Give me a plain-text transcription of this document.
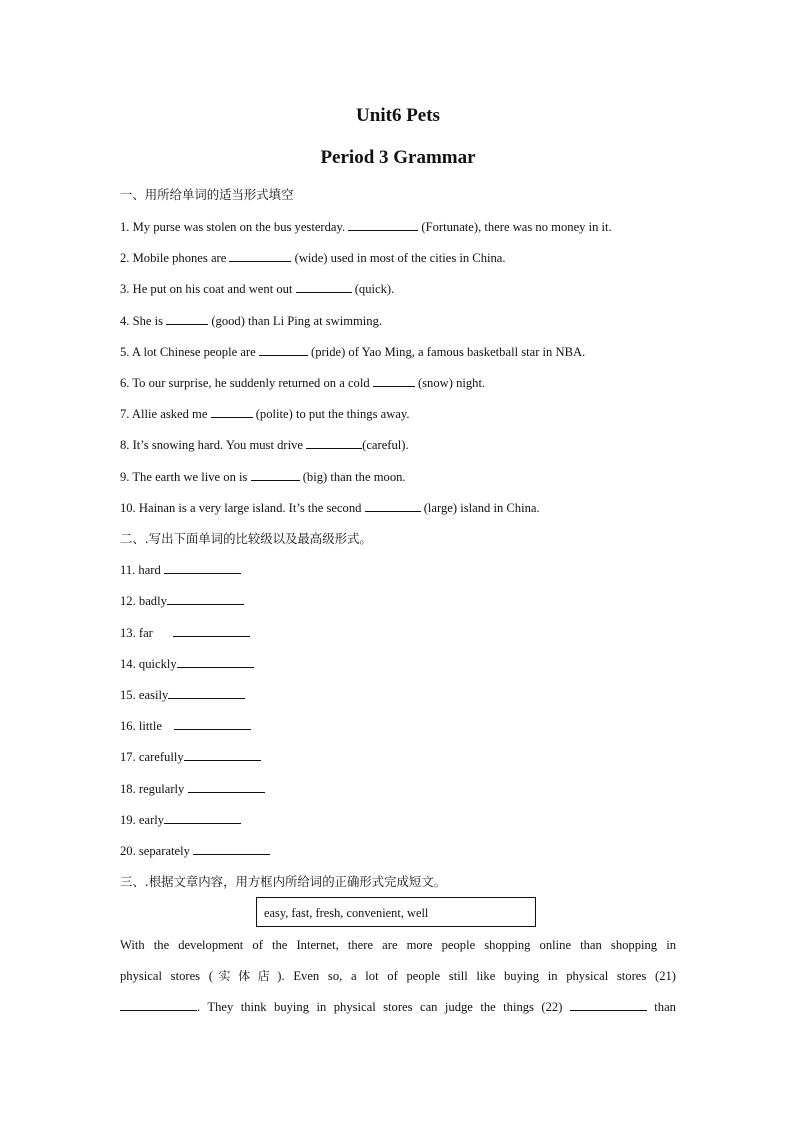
Unit6 Pets
Period 3 Grammar
一、用所给单词的适当形式填空
1. My purse was stolen on the bus yesterday.	(Fortunate), there was no money in it.
2. Mobile phones are	(wide) used in most of the cities in China.
3. He put on his coat and went out	(quick).
4. She is	(good) than Li Ping at swimming.
5. A lot Chinese people are	(pride) of Yao Ming, a famous basketball star in NBA.
6. To our surprise, he suddenly returned on a cold	(snow) night.
7. Allie asked me	(polite) to put the things away.
8. It’s snowing hard. You must drive	(careful).
9. The earth we live on is	(big) than the moon.
10. Hainan is a very large island. It’s the second	(large) island in China.
二、.写出下面单词的比较级以及最高级形式。
11. hard
12. badly
13. far
14. quickly
15. easily
16. little
17. carefully
18. regularly
19. early
20. separately
三、.根据文章内容，用方框内所给词的正确形式完成短文。
easy, fast, fresh, convenient, well
With the development of the Internet, there are more people shopping online than shopping in
physical stores (实体店). Even so, a lot of people still like buying in physical stores (21)
. They think buying in physical stores can judge the things (22)	than
